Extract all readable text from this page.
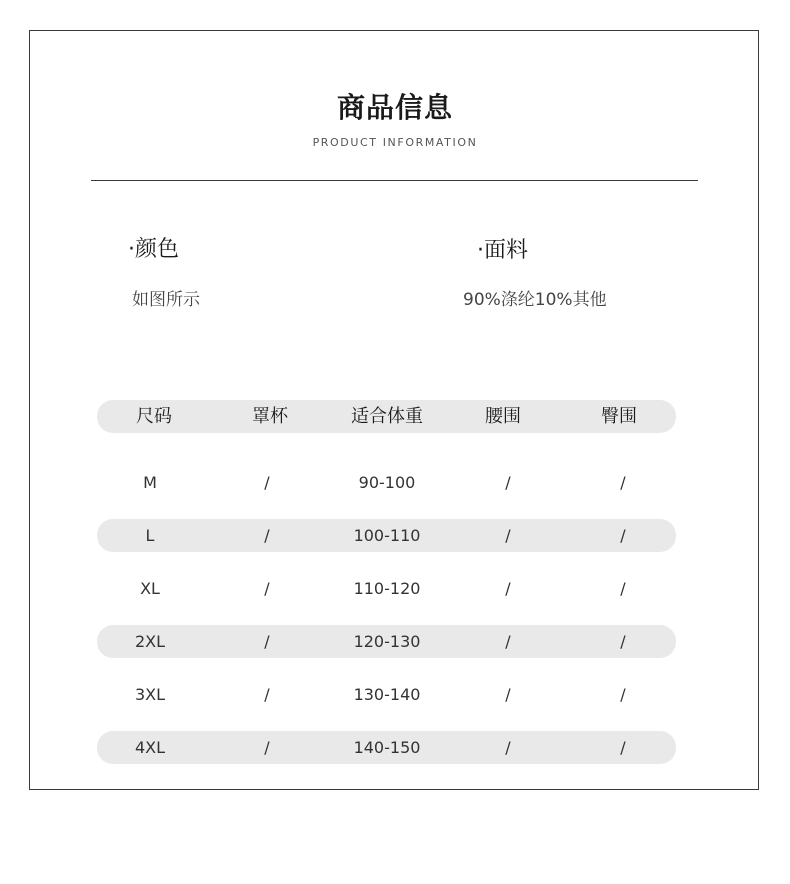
商品信息
PRODUCT INFORMATION
·颜色
如图所示
·面料
90%涤纶10%其他
尺码	罩杯	适合体重	腰围	臀围
M	/	90-100	/	/
L	/	100-110	/	/
XL	/	110-120	/	/
2XL	/	120-130	/	/
3XL	/	130-140	/	/
4XL	/	140-150	/	/
